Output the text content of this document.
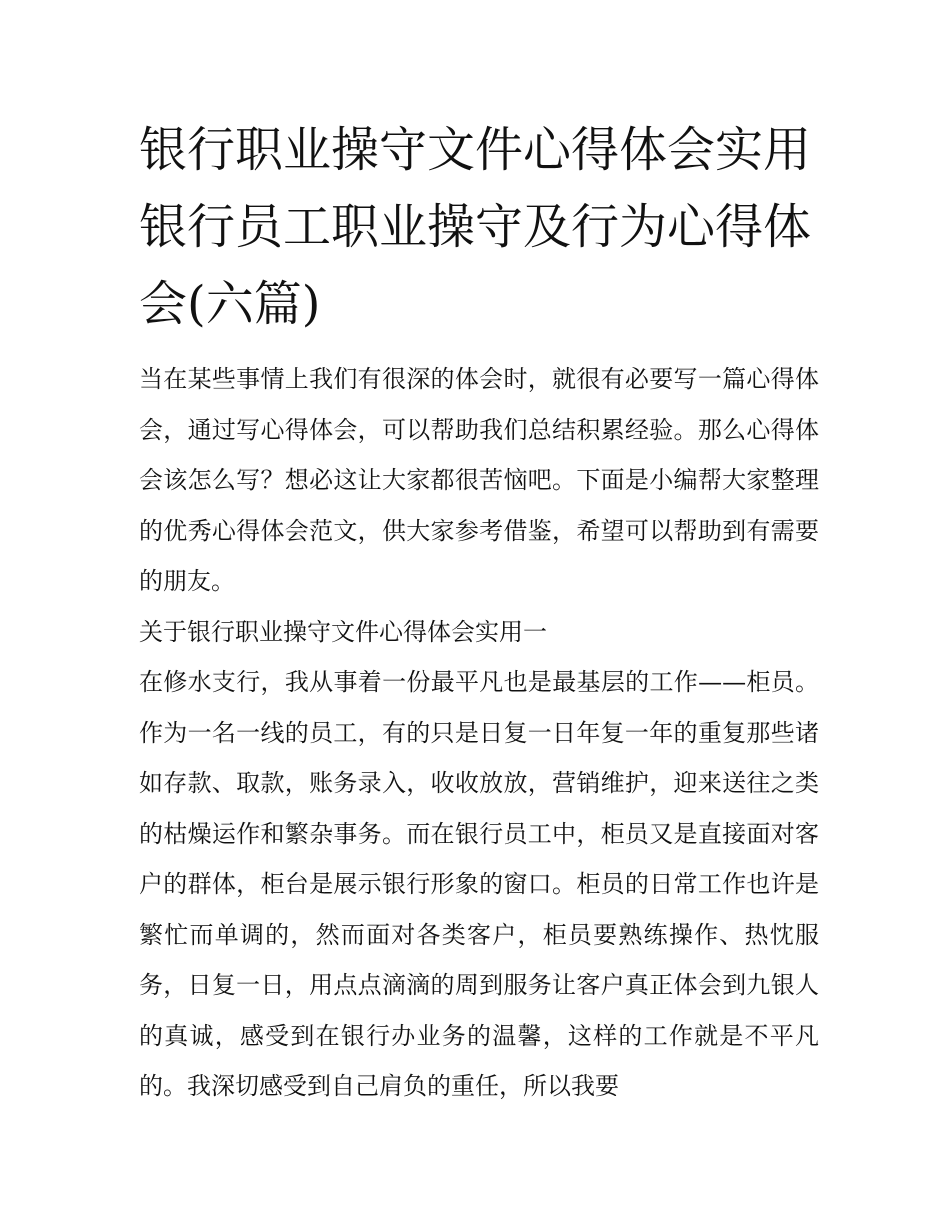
银行职业操守文件心得体会实用 银行员工职业操守及行为心得体会(六篇)

当在某些事情上我们有很深的体会时，就很有必要写一篇心得体会，通过写心得体会，可以帮助我们总结积累经验。那么心得体会该怎么写？想必这让大家都很苦恼吧。下面是小编帮大家整理的优秀心得体会范文，供大家参考借鉴，希望可以帮助到有需要的朋友。

关于银行职业操守文件心得体会实用一

在修水支行，我从事着一份最平凡也是最基层的工作——柜员。作为一名一线的员工，有的只是日复一日年复一年的重复那些诸如存款、取款，账务录入，收收放放，营销维护，迎来送往之类的枯燥运作和繁杂事务。而在银行员工中，柜员又是直接面对客户的群体，柜台是展示银行形象的窗口。柜员的日常工作也许是繁忙而单调的，然而面对各类客户，柜员要熟练操作、热忱服务，日复一日，用点点滴滴的周到服务让客户真正体会到九银人的真诚，感受到在银行办业务的温馨，这样的工作就是不平凡的。我深切感受到自己肩负的重任，所以我要
